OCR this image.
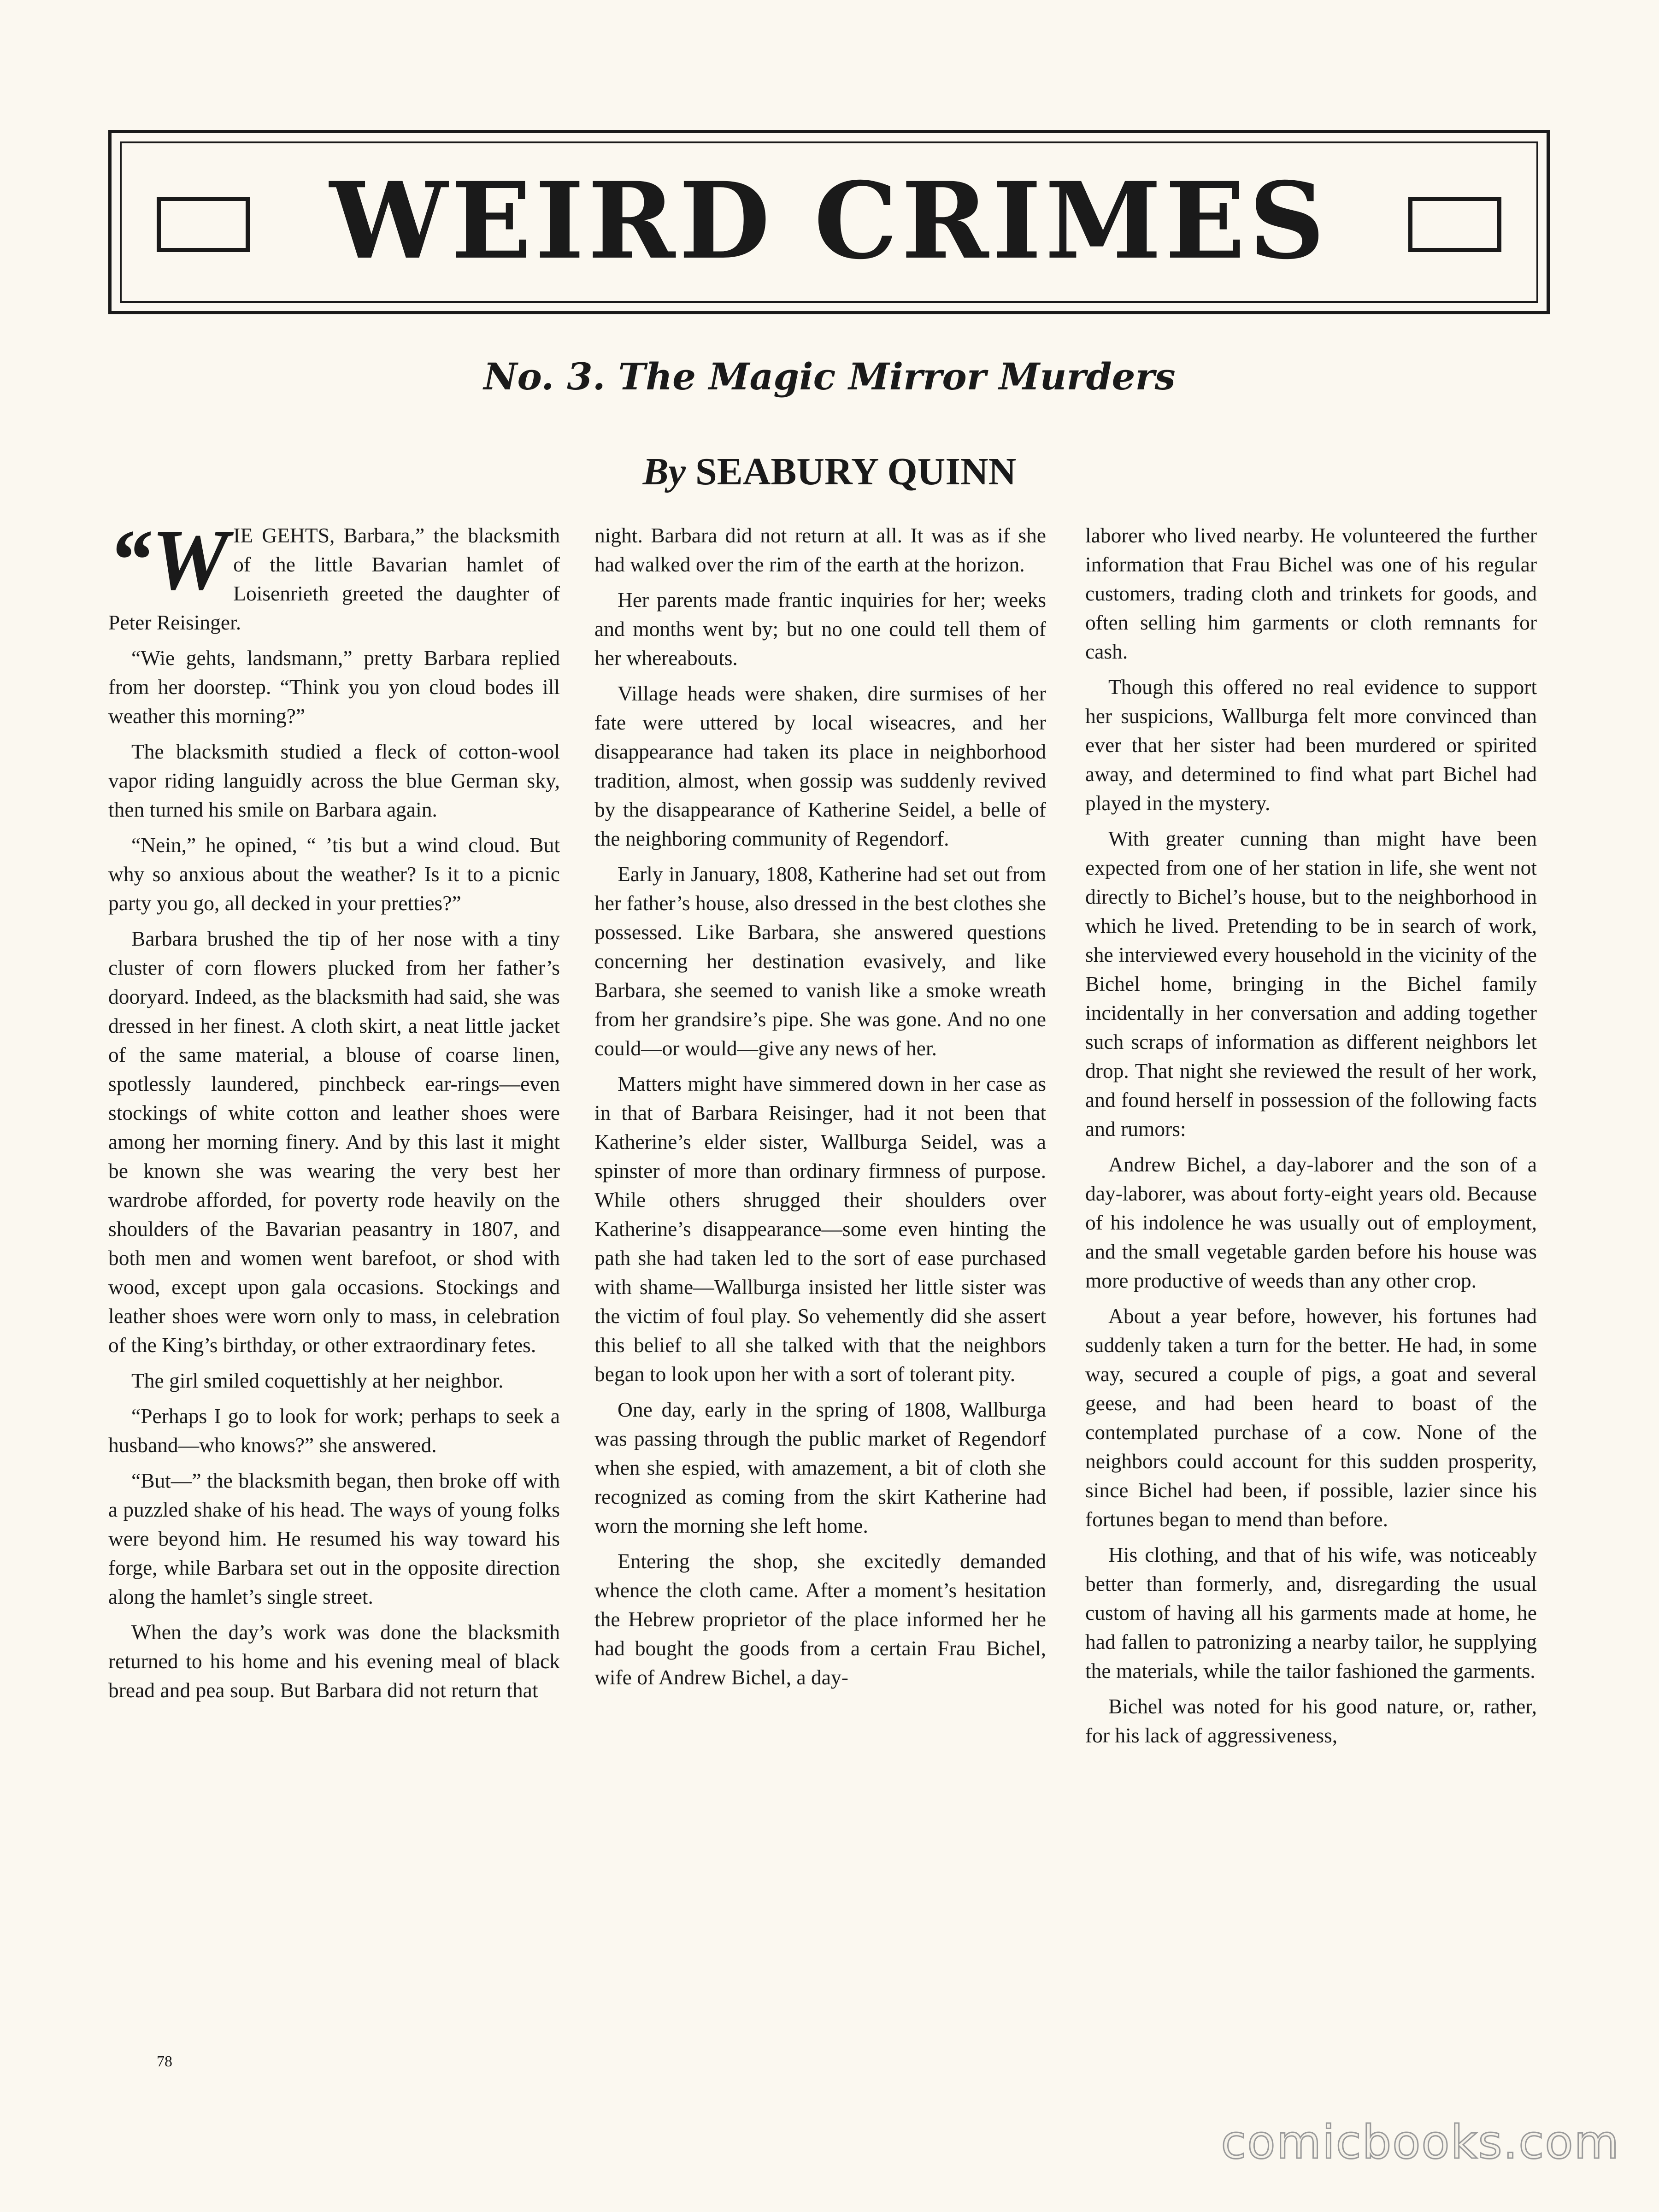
WEIRD CRIMES
No. 3. The Magic Mirror Murders
By SEABURY QUINN

“WIE GEHTS, Barbara,” the blacksmith of the little Bavarian hamlet of Loisenrieth greeted the daughter of Peter Reisinger.

“Wie gehts, landsmann,” pretty Barbara replied from her doorstep. “Think you yon cloud bodes ill weather this morning?”

The blacksmith studied a fleck of cotton-wool vapor riding languidly across the blue German sky, then turned his smile on Barbara again.

“Nein,” he opined, “ ’tis but a wind cloud. But why so anxious about the weather? Is it to a picnic party you go, all decked in your pretties?”

Barbara brushed the tip of her nose with a tiny cluster of corn flowers plucked from her father’s dooryard. Indeed, as the blacksmith had said, she was dressed in her finest. A cloth skirt, a neat little jacket of the same material, a blouse of coarse linen, spotlessly laundered, pinchbeck ear-rings—even stockings of white cotton and leather shoes were among her morning finery. And by this last it might be known she was wearing the very best her wardrobe afforded, for poverty rode heavily on the shoulders of the Bavarian peasantry in 1807, and both men and women went barefoot, or shod with wood, except upon gala occasions. Stockings and leather shoes were worn only to mass, in celebration of the King’s birthday, or other extraordinary fetes.

The girl smiled coquettishly at her neighbor.

“Perhaps I go to look for work; perhaps to seek a husband—who knows?” she answered.

“But—” the blacksmith began, then broke off with a puzzled shake of his head. The ways of young folks were beyond him. He resumed his way toward his forge, while Barbara set out in the opposite direction along the hamlet’s single street.

When the day’s work was done the blacksmith returned to his home and his evening meal of black bread and pea soup. But Barbara did not return that

night. Barbara did not return at all. It was as if she had walked over the rim of the earth at the horizon.

Her parents made frantic inquiries for her; weeks and months went by; but no one could tell them of her whereabouts.

Village heads were shaken, dire surmises of her fate were uttered by local wiseacres, and her disappearance had taken its place in neighborhood tradition, almost, when gossip was suddenly revived by the disappearance of Katherine Seidel, a belle of the neighboring community of Regendorf.

Early in January, 1808, Katherine had set out from her father’s house, also dressed in the best clothes she possessed. Like Barbara, she answered questions concerning her destination evasively, and like Barbara, she seemed to vanish like a smoke wreath from her grandsire’s pipe. She was gone. And no one could—or would—give any news of her.

Matters might have simmered down in her case as in that of Barbara Reisinger, had it not been that Katherine’s elder sister, Wallburga Seidel, was a spinster of more than ordinary firmness of purpose. While others shrugged their shoulders over Katherine’s disappearance—some even hinting the path she had taken led to the sort of ease purchased with shame—Wallburga insisted her little sister was the victim of foul play. So vehemently did she assert this belief to all she talked with that the neighbors began to look upon her with a sort of tolerant pity.

One day, early in the spring of 1808, Wallburga was passing through the public market of Regendorf when she espied, with amazement, a bit of cloth she recognized as coming from the skirt Katherine had worn the morning she left home.

Entering the shop, she excitedly demanded whence the cloth came. After a moment’s hesitation the Hebrew proprietor of the place informed her he had bought the goods from a certain Frau Bichel, wife of Andrew Bichel, a day-

laborer who lived nearby. He volunteered the further information that Frau Bichel was one of his regular customers, trading cloth and trinkets for goods, and often selling him garments or cloth remnants for cash.

Though this offered no real evidence to support her suspicions, Wallburga felt more convinced than ever that her sister had been murdered or spirited away, and determined to find what part Bichel had played in the mystery.

With greater cunning than might have been expected from one of her station in life, she went not directly to Bichel’s house, but to the neighborhood in which he lived. Pretending to be in search of work, she interviewed every household in the vicinity of the Bichel home, bringing in the Bichel family incidentally in her conversation and adding together such scraps of information as different neighbors let drop. That night she reviewed the result of her work, and found herself in possession of the following facts and rumors:

Andrew Bichel, a day-laborer and the son of a day-laborer, was about forty-eight years old. Because of his indolence he was usually out of employment, and the small vegetable garden before his house was more productive of weeds than any other crop.

About a year before, however, his fortunes had suddenly taken a turn for the better. He had, in some way, secured a couple of pigs, a goat and several geese, and had been heard to boast of the contemplated purchase of a cow. None of the neighbors could account for this sudden prosperity, since Bichel had been, if possible, lazier since his fortunes began to mend than before.

His clothing, and that of his wife, was noticeably better than formerly, and, disregarding the usual custom of having all his garments made at home, he had fallen to patronizing a nearby tailor, he supplying the materials, while the tailor fashioned the garments.

Bichel was noted for his good nature, or, rather, for his lack of aggressiveness,

78
comicbooks.com
